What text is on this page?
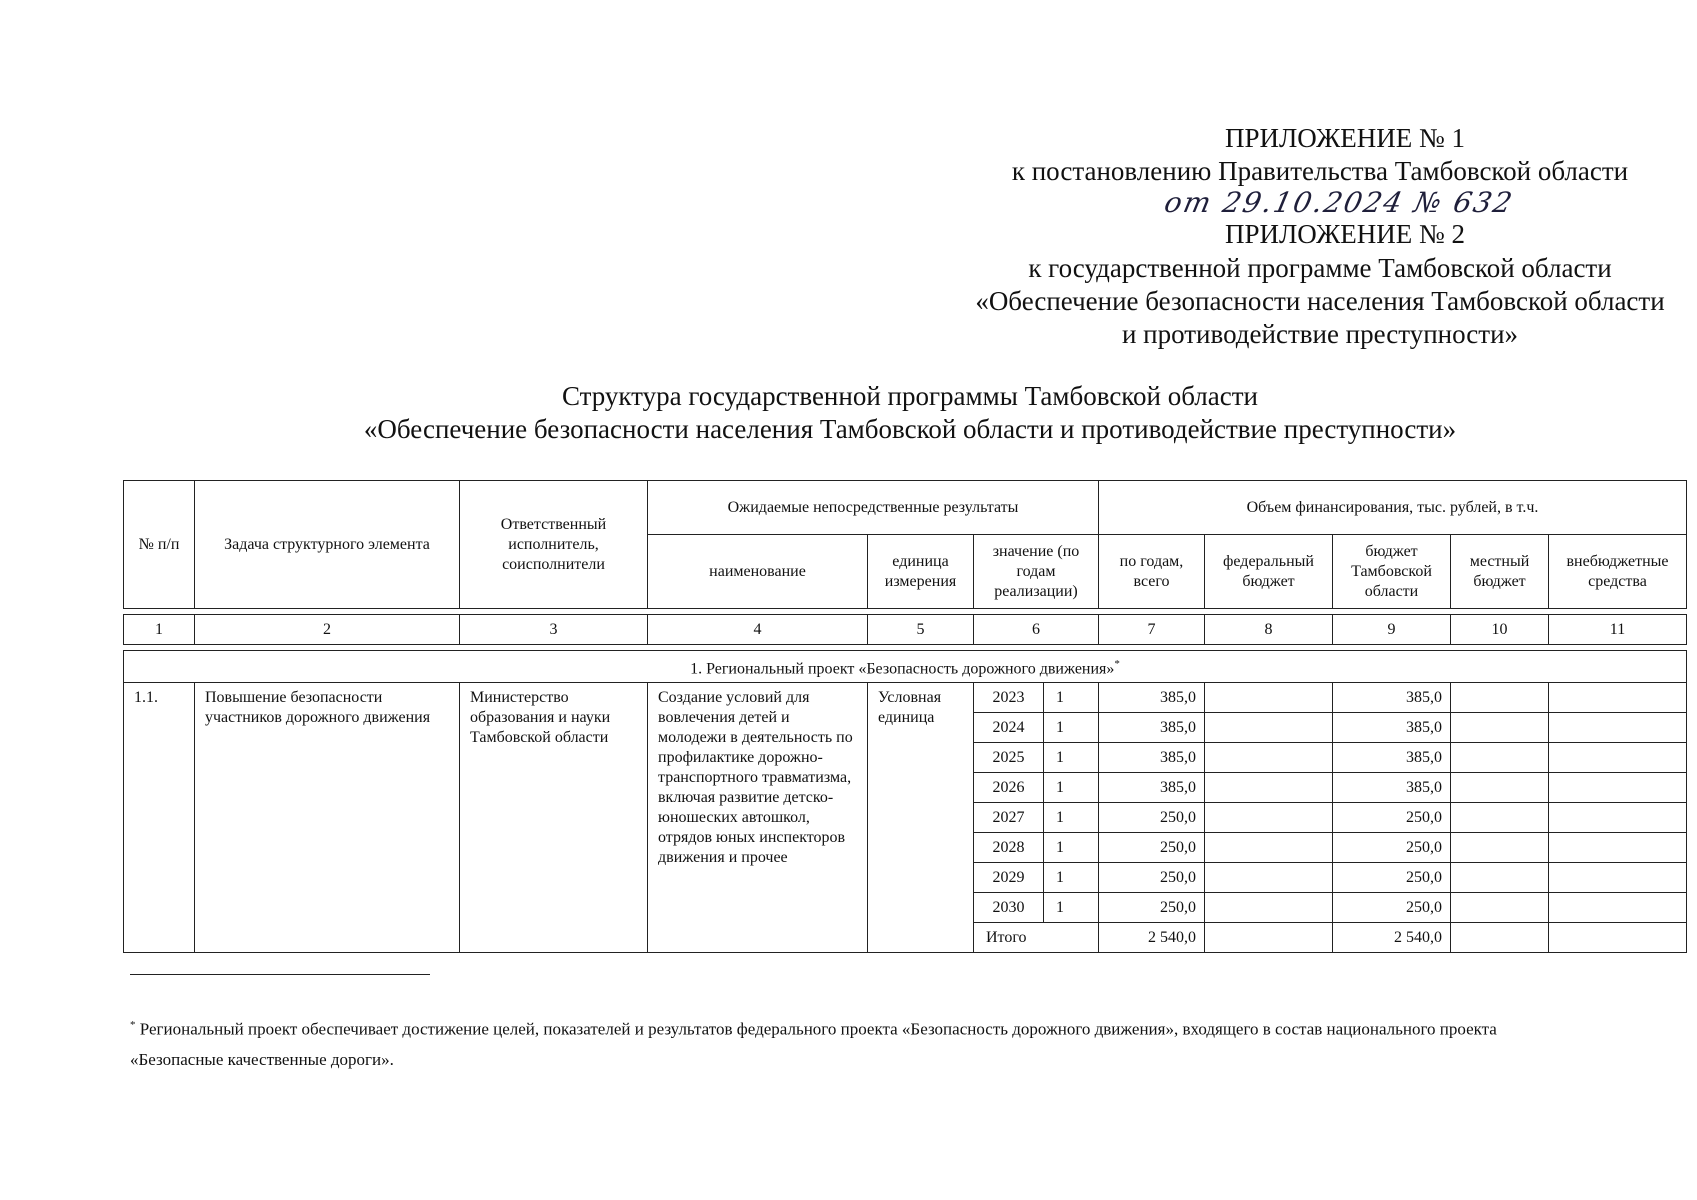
ПРИЛОЖЕНИЕ № 1
к постановлению Правительства Тамбовской области
от 29.10.2024 № 632
ПРИЛОЖЕНИЕ № 2
к государственной программе Тамбовской области
«Обеспечение безопасности населения Тамбовской области
и противодействие преступности»
Структура государственной программы Тамбовской области
«Обеспечение безопасности населения Тамбовской области и противодействие преступности»
№ п/п	Задача структурного элемента	Ответственный исполнитель, соисполнители	Ожидаемые непосредственные результаты				Объем финансирования, тыс. рублей, в т.ч.				
			наименование	единица измерения	значение (по годам реализации)		по годам, всего	федеральный бюджет	бюджет Тамбовской области	местный бюджет	внебюджетные средства

1	2	3	4	5	6		7	8	9	10	11

1. Региональный проект «Безопасность дорожного движения»*
1.1.	Повышение безопасности участников дорожного движения	Министерство образования и науки Тамбовской области	Создание условий для вовлечения детей и молодежи в деятельность по профилактике дорожно-транспортного травматизма, включая развитие детско-юношеских автошкол, отрядов юных инспекторов движения и прочее	Условная единица	2023	1	385,0		385,0		
					2024	1	385,0		385,0		
					2025	1	385,0		385,0		
					2026	1	385,0		385,0		
					2027	1	250,0		250,0		
					2028	1	250,0		250,0		
					2029	1	250,0		250,0		
					2030	1	250,0		250,0		
					Итого		2 540,0		2 540,0		
* Региональный проект обеспечивает достижение целей, показателей и результатов федерального проекта «Безопасность дорожного движения», входящего в состав национального проекта «Безопасные качественные дороги».
